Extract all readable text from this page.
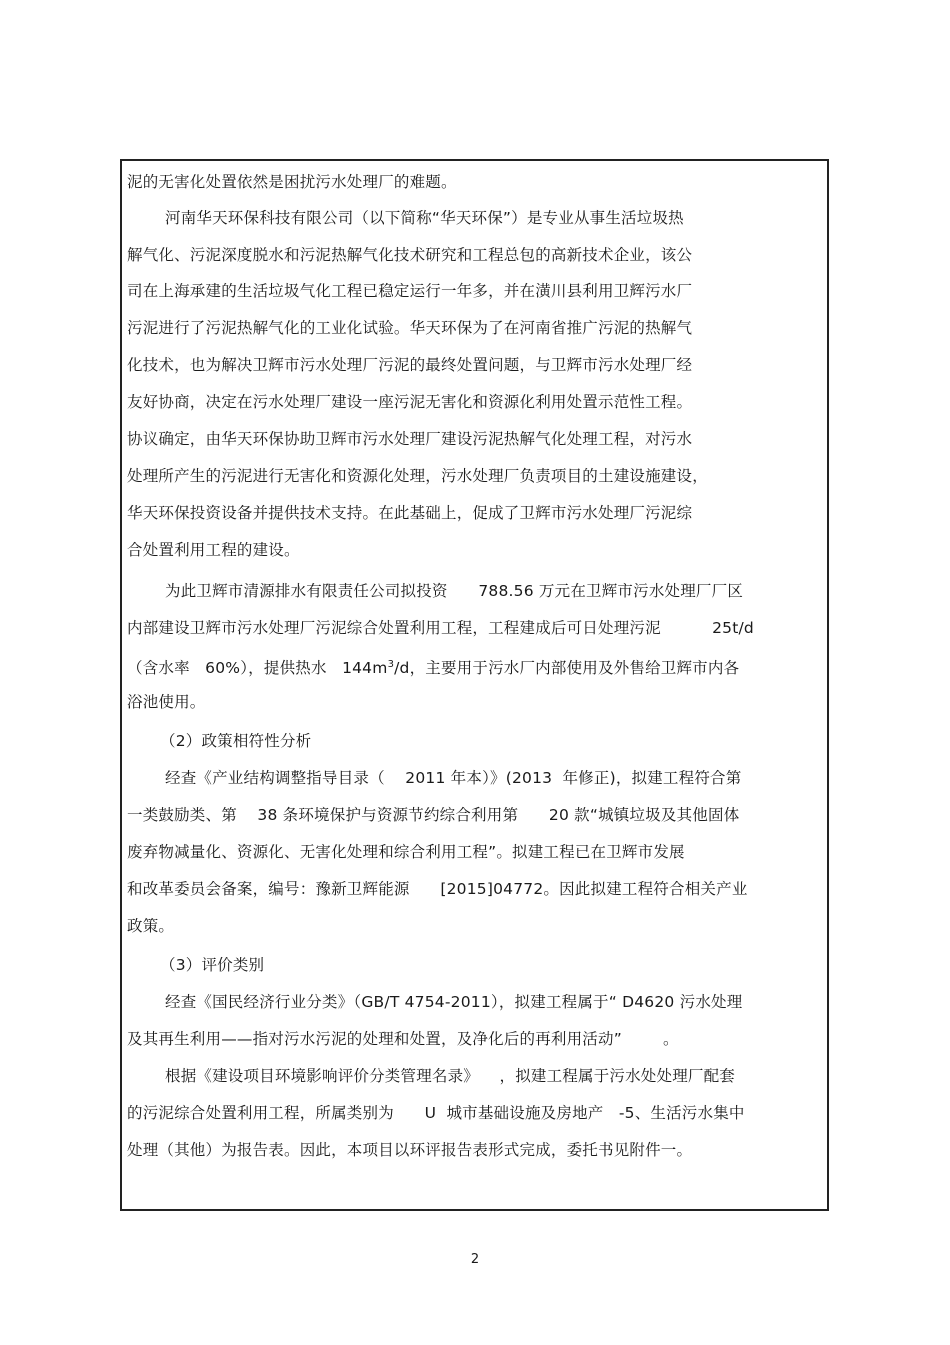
泥的无害化处置依然是困扰污水处理厂的难题。
河南华天环保科技有限公司（以下简称“华天环保”）是专业从事生活垃圾热
解气化、污泥深度脱水和污泥热解气化技术研究和工程总包的高新技术企业，该公
司在上海承建的生活垃圾气化工程已稳定运行一年多，并在潢川县利用卫辉污水厂
污泥进行了污泥热解气化的工业化试验。华天环保为了在河南省推广污泥的热解气
化技术，也为解决卫辉市污水处理厂污泥的最终处置问题，与卫辉市污水处理厂经
友好协商，决定在污水处理厂建设一座污泥无害化和资源化利用处置示范性工程。
协议确定，由华天环保协助卫辉市污水处理厂建设污泥热解气化处理工程，对污水
处理所产生的污泥进行无害化和资源化处理，污水处理厂负责项目的土建设施建设，
华天环保投资设备并提供技术支持。在此基础上，促成了卫辉市污水处理厂污泥综
合处置利用工程的建设。
为此卫辉市清源排水有限责任公司拟投资      788.56 万元在卫辉市污水处理厂厂区
内部建设卫辉市污水处理厂污泥综合处置利用工程，工程建成后可日处理污泥          25t/d
（含水率   60%），提供热水   $144m^3/d$，主要用于污水厂内部使用及外售给卫辉市内各
浴池使用。
（2）政策相符性分析
经查《产业结构调整指导目录（    2011 年本）》(2013  年修正)，拟建工程符合第
一类鼓励类、第    38 条环境保护与资源节约综合利用第      20 款“城镇垃圾及其他固体
废弃物减量化、资源化、无害化处理和综合利用工程”。拟建工程已在卫辉市发展
和改革委员会备案，编号：豫新卫辉能源      [2015]04772。因此拟建工程符合相关产业
政策。
（3）评价类别
经查《国民经济行业分类》（GB/T 4754-2011），拟建工程属于“ D4620 污水处理
及其再生利用——指对污水污泥的处理和处置，及净化后的再利用活动”        。
根据《建设项目环境影响评价分类管理名录》    ，拟建工程属于污水处处理厂配套
的污泥综合处置利用工程，所属类别为      U  城市基础设施及房地产   -5、生活污水集中
处理（其他）为报告表。因此，本项目以环评报告表形式完成，委托书见附件一。
2
